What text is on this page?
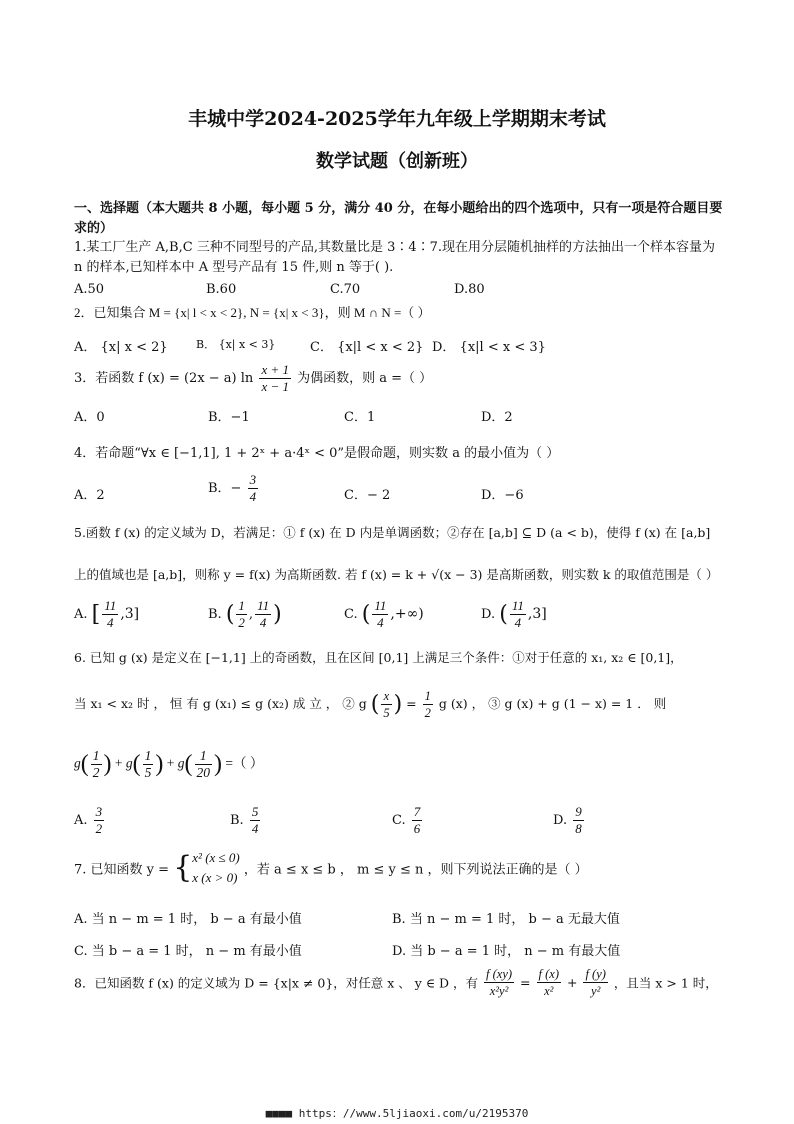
丰城中学2024-2025学年九年级上学期期末考试
数学试题（创新班）
一、选择题（本大题共 8 小题，每小题 5 分，满分 40 分，在每小题给出的四个选项中，只有一项是符合题目要求的）
1.某工厂生产 A,B,C 三种不同型号的产品,其数量比是 3∶4∶7.现在用分层随机抽样的方法抽出一个样本容量为 n 的样本,已知样本中 A 型号产品有 15 件,则 n 等于( ).
A.50	B.60	C.70	D.80
2．已知集合 M = {x| l < x < 2}, N = {x| x < 3}，则 M ∩ N =（ ）
A． {x| x < 2}	B． {x| x < 3}	C． {x|l < x < 2} D． {x|l < x < 3}
3．若函数 f (x) = (2x − a) $\ln \frac{x + 1}{x - 1}$ 为偶函数，则 a =（ ）
A．0	B．−1	C．1	D．2
4．若命题“∀x ∈ [−1,1], 1 + 2ˣ + a·4ˣ < 0”是假命题，则实数 a 的最小值为（ ）
A．2	B．− $\frac{3}{4}$	C．− 2	D．−6
5.函数 f (x) 的定义域为 D，若满足：① f (x) 在 D 内是单调函数；②存在 [a,b] ⊆ D (a < b)，使得 f (x) 在 [a,b]
上的值域也是 [a,b]，则称 y = f(x) 为高斯函数. 若 f (x) = k + √(x − 3) 是高斯函数，则实数 k 的取值范围是（ ）
A. [ $\frac{11}{4} ,3$]	B. ( $\frac{1}{2}$ , $\frac{11}{4}$ )	C. ( $\frac{11}{4}$ ,+∞)	D. ( $\frac{11}{4} ,3$]
6. 已知 g (x) 是定义在 [−1,1] 上的奇函数，且在区间 [0,1] 上满足三个条件：①对于任意的 x₁, x₂ ∈ [0,1]，
当 x₁ < x₂ 时 ， 恒 有 g (x₁) ≤ g (x₂) 成 立 ， ② g ( $\frac{x}{5}$ ) = $\frac{1}{2}$ g (x) ， ③ g (x) + g (1 − x) = 1 ． 则
$g( \frac{1}{2}$ ) + $g( \frac{1}{5}$ ) + $g( \frac{1}{20}$ ) =（ ）
A. $\frac{3}{2}$	B. $\frac{5}{4}$	C. $\frac{7}{6}$	D. $\frac{9}{8}$
7. 已知函数 y = { x² (x ≤ 0)
x (x > 0) ，若 a ≤ x ≤ b ， m ≤ y ≤ n ，则下列说法正确的是（ ）
A. 当 n − m = 1 时， b − a 有最小值	B. 当 n − m = 1 时， b − a 无最大值
C. 当 b − a = 1 时， n − m 有最小值	D. 当 b − a = 1 时， n − m 有最大值
8．已知函数 f (x) 的定义域为 D = {x|x ≠ 0}，对任意 x 、 y ∈ D ，有 $\frac{f (xy)}{\text{x²y²}} = \frac{f (x)}{\text{x²}} + \frac{f (y)}{\text{y²}}$ ，且当 x > 1 时，
■■■■ https：//www.5ljiaoxi.com/u/2195370
